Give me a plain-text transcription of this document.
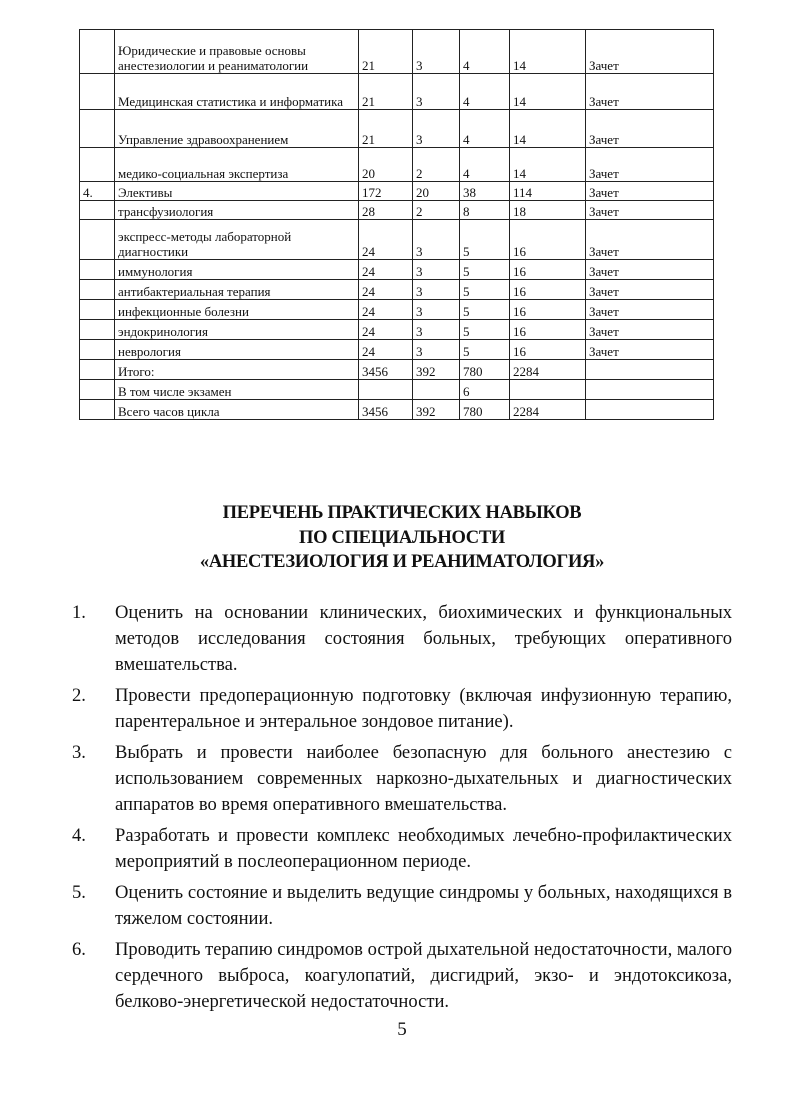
	Юридические и правовые основы анестезиологии и реаниматологии	21	3	4	14	Зачет
	Медицинская статистика и информатика	21	3	4	14	Зачет
	Управление здравоохранением	21	3	4	14	Зачет
	медико-социальная экспертиза	20	2	4	14	Зачет
4.	Элективы	172	20	38	114	Зачет
	трансфузиология	28	2	8	18	Зачет
	экспресс-методы лабораторной диагностики	24	3	5	16	Зачет
	иммунология	24	3	5	16	Зачет
	антибактериальная терапия	24	3	5	16	Зачет
	инфекционные болезни	24	3	5	16	Зачет
	эндокринология	24	3	5	16	Зачет
	неврология	24	3	5	16	Зачет
	Итого:	3456	392	780	2284	
	В том числе экзамен			6		
	Всего часов цикла	3456	392	780	2284	
ПЕРЕЧЕНЬ ПРАКТИЧЕСКИХ НАВЫКОВ
ПО СПЕЦИАЛЬНОСТИ
«АНЕСТЕЗИОЛОГИЯ И РЕАНИМАТОЛОГИЯ»
1. Оценить на основании клинических, биохимических и функциональных методов исследования состояния больных, требующих оперативного вмешательства.
2. Провести предоперационную подготовку (включая инфузионную терапию, парентеральное и энтеральное зондовое питание).
3. Выбрать и провести наиболее безопасную для больного анестезию с использованием современных наркозно-дыхательных и диагностических аппаратов во время оперативного вмешательства.
4. Разработать и провести комплекс необходимых лечебно-профилактических мероприятий в послеоперационном периоде.
5. Оценить состояние и выделить ведущие синдромы у больных, находящихся в тяжелом состоянии.
6. Проводить терапию синдромов острой дыхательной недостаточности, малого сердечного выброса, коагулопатий, дисгидрий, экзо- и эндотоксикоза, белково-энергетической недостаточности.
5
